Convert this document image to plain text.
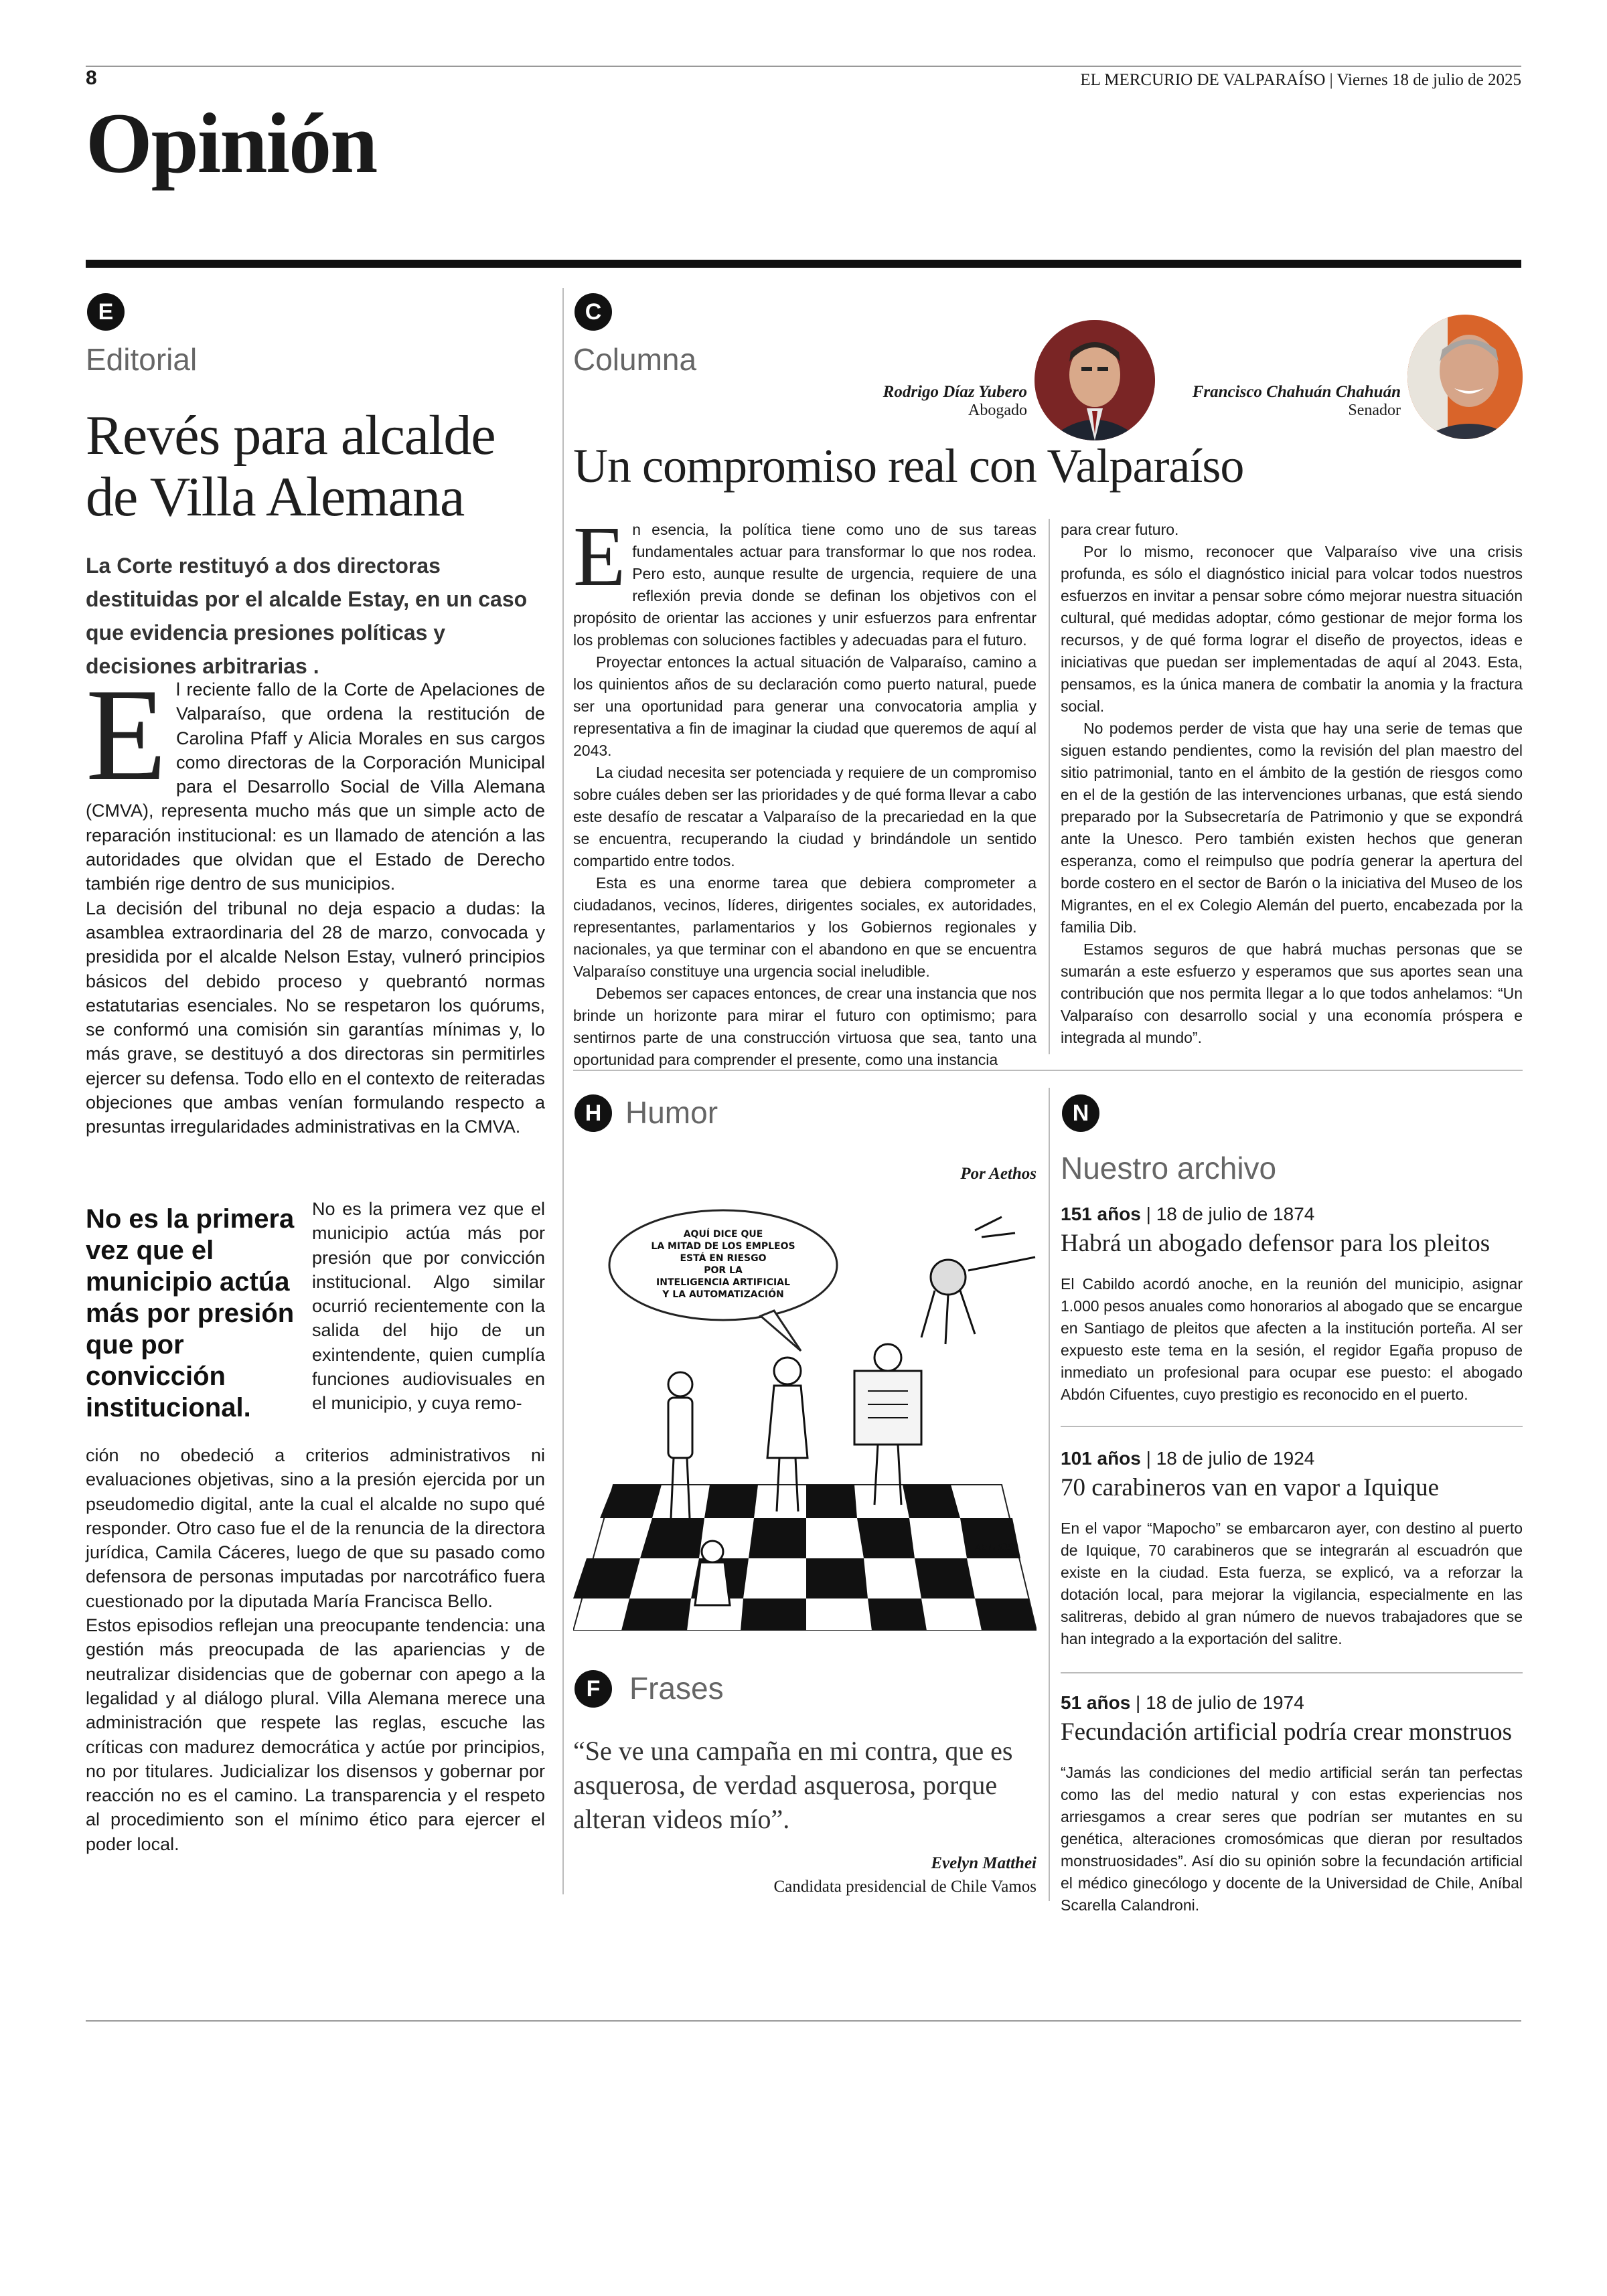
8	EL MERCURIO DE VALPARAÍSO | Viernes 18 de julio de 2025
Opinión
E
Editorial
Revés para alcalde
de Villa Alemana
La Corte restituyó a dos directoras destituidas por el alcalde Estay, en un caso que evidencia presiones políticas y decisiones arbitrarias .
E l reciente fallo de la Corte de Apelaciones de Valparaíso, que ordena la restitución de Carolina Pfaff y Alicia Morales en sus cargos como directoras de la Corporación Municipal para el Desarrollo Social de Villa Alemana (CMVA), representa mucho más que un simple acto de reparación institucional: es un llamado de atención a las autoridades que olvidan que el Estado de Derecho también rige dentro de sus municipios.

La decisión del tribunal no deja espacio a dudas: la asamblea extraordinaria del 28 de marzo, convocada y presidida por el alcalde Nelson Estay, vulneró principios básicos del debido proceso y quebrantó normas estatutarias esenciales. No se respetaron los quórums, se conformó una comisión sin garantías mínimas y, lo más grave, se destituyó a dos directoras sin permitirles ejercer su defensa. Todo ello en el contexto de reiteradas objeciones que ambas venían formulando respecto a presuntas irregularidades administrativas en la CMVA.

No es la primera vez que el municipio actúa más por presión que por convicción institucional.

No es la primera vez que el municipio actúa más por presión que por convicción institucional. Algo similar ocurrió recientemente con la salida del hijo de un exintendente, quien cumplía funciones audiovisuales en el municipio, y cuya remo-

ción no obedeció a criterios administrativos ni evaluaciones objetivas, sino a la presión ejercida por un pseudomedio digital, ante la cual el alcalde no supo qué responder. Otro caso fue el de la renuncia de la directora jurídica, Camila Cáceres, luego de que su pasado como defensora de personas imputadas por narcotráfico fuera cuestionado por la diputada María Francisca Bello.

Estos episodios reflejan una preocupante tendencia: una gestión más preocupada de las apariencias y de neutralizar disidencias que de gobernar con apego a la legalidad y al diálogo plural. Villa Alemana merece una administración que respete las reglas, escuche las críticas con madurez democrática y actúe por principios, no por titulares. Judicializar los disensos y gobernar por reacción no es el camino. La transparencia y el respeto al procedimiento son el mínimo ético para ejercer el poder local.

C
Columna
Rodrigo Díaz Yubero
Abogado
Francisco Chahuán Chahuán
Senador
Un compromiso real con Valparaíso
E n esencia, la política tiene como uno de sus tareas fundamentales actuar para transformar lo que nos rodea. Pero esto, aunque resulte de urgencia, requiere de una reflexión previa donde se definan los objetivos con el propósito de orientar las acciones y unir esfuerzos para enfrentar los problemas con soluciones factibles y adecuadas para el futuro.

Proyectar entonces la actual situación de Valparaíso, camino a los quinientos años de su declaración como puerto natural, puede ser una oportunidad para generar una convocatoria amplia y representativa a fin de imaginar la ciudad que queremos de aquí al 2043.

La ciudad necesita ser potenciada y requiere de un compromiso sobre cuáles deben ser las prioridades y de qué forma llevar a cabo este desafío de rescatar a Valparaíso de la precariedad en la que se encuentra, recuperando la ciudad y brindándole un sentido compartido entre todos.

Esta es una enorme tarea que debiera comprometer a ciudadanos, vecinos, líderes, dirigentes sociales, ex autoridades, representantes, parlamentarios y los Gobiernos regionales y nacionales, ya que terminar con el abandono en que se encuentra Valparaíso constituye una urgencia social ineludible.

Debemos ser capaces entonces, de crear una instancia que nos brinde un horizonte para mirar el futuro con optimismo; para sentirnos parte de una construcción virtuosa que sea, tanto una oportunidad para comprender el presente, como una instancia

para crear futuro.

Por lo mismo, reconocer que Valparaíso vive una crisis profunda, es sólo el diagnóstico inicial para volcar todos nuestros esfuerzos en invitar a pensar sobre cómo mejorar nuestra situación cultural, qué medidas adoptar, cómo gestionar de mejor forma los recursos, y de qué forma lograr el diseño de proyectos, ideas e iniciativas que puedan ser implementadas de aquí al 2043. Esta, pensamos, es la única manera de combatir la anomia y la fractura social.

No podemos perder de vista que hay una serie de temas que siguen estando pendientes, como la revisión del plan maestro del sitio patrimonial, tanto en el ámbito de la gestión de riesgos como en el de la gestión de las intervenciones urbanas, que está siendo preparado por la Subsecretaría de Patrimonio y que se expondrá ante la Unesco. Pero también existen hechos que generan esperanza, como el reimpulso que podría generar la apertura del borde costero en el sector de Barón o la iniciativa del Museo de los Migrantes, en el ex Colegio Alemán del puerto, encabezada por la familia Dib.

Estamos seguros de que habrá muchas personas que se sumarán a este esfuerzo y esperamos que sus aportes sean una contribución que nos permita llegar a lo que todos anhelamos: “Un Valparaíso con desarrollo social y una economía próspera e integrada al mundo”.

H Humor
Por Aethos
AQUÍ DICE QUE
LA MITAD DE LOS EMPLEOS
ESTÁ EN RIESGO
POR LA
INTELIGENCIA ARTIFICIAL
Y LA AUTOMATIZACIÓN
AETHOS
F Frases
“Se ve una campaña en mi contra, que es asquerosa, de verdad asquerosa, porque alteran videos mío”.
Evelyn Matthei
Candidata presidencial de Chile Vamos
N
Nuestro archivo
151 años | 18 de julio de 1874
Habrá un abogado defensor para los pleitos
El Cabildo acordó anoche, en la reunión del municipio, asignar 1.000 pesos anuales como honorarios al abogado que se encargue en Santiago de pleitos que afecten a la institución porteña. Al ser expuesto este tema en la sesión, el regidor Egaña propuso de inmediato un profesional para ocupar ese puesto: el abogado Abdón Cifuentes, cuyo prestigio es reconocido en el puerto.
101 años | 18 de julio de 1924
70 carabineros van en vapor a Iquique
En el vapor “Mapocho” se embarcaron ayer, con destino al puerto de Iquique, 70 carabineros que se integrarán al escuadrón que existe en la ciudad. Esta fuerza, se explicó, va a reforzar la dotación local, para mejorar la vigilancia, especialmente en las salitreras, debido al gran número de nuevos trabajadores que se han integrado a la exportación del salitre.
51 años | 18 de julio de 1974
Fecundación artificial podría crear monstruos
“Jamás las condiciones del medio artificial serán tan perfectas como las del medio natural y con estas experiencias nos arriesgamos a crear seres que podrían ser mutantes en su genética, alteraciones cromosómicas que dieran por resultados monstruosidades”. Así dio su opinión sobre la fecundación artificial el médico ginecólogo y docente de la Universidad de Chile, Aníbal Scarella Calandroni.
